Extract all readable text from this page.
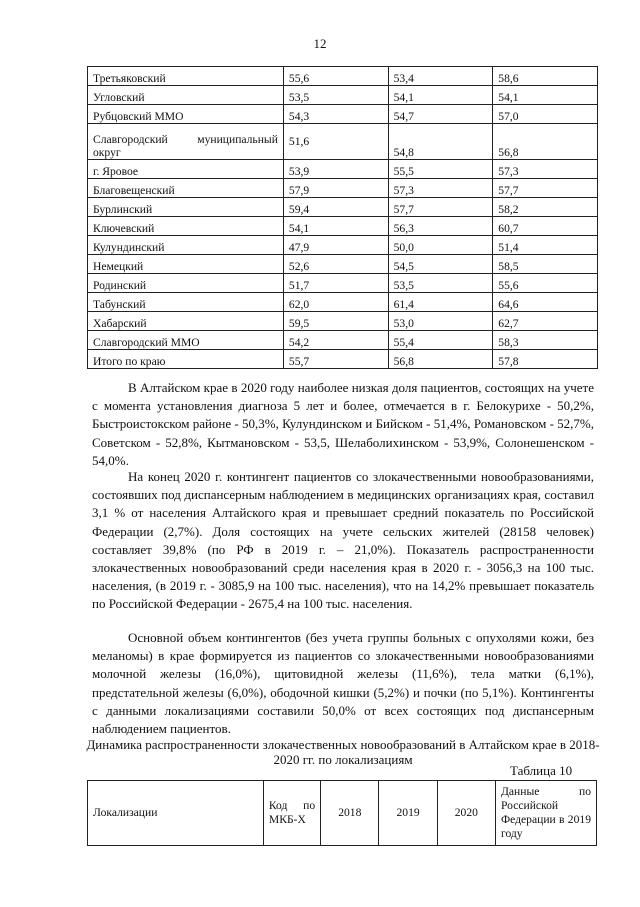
12
Третьяковский	55,6	53,4	58,6
Угловский	53,5	54,1	54,1
Рубцовский ММО	54,3	54,7	57,0

Славгородский муниципальный округ	51,6	54,8	56,8
г. Яровое	53,9	55,5	57,3
Благовещенский	57,9	57,3	57,7
Бурлинский	59,4	57,7	58,2
Ключевский	54,1	56,3	60,7
Кулундинский	47,9	50,0	51,4
Немецкий	52,6	54,5	58,5
Родинский	51,7	53,5	55,6
Табунский	62,0	61,4	64,6
Хабарский	59,5	53,0	62,7
Славгородский ММО	54,2	55,4	58,3
Итого по краю	55,7	56,8	57,8

В Алтайском крае в 2020 году наиболее низкая доля пациентов, состоящих на учете с момента установления диагноза 5 лет и более, отмечается в г. Белокурихе - 50,2%, Быстроистокском районе - 50,3%, Кулундинском и Бийском - 51,4%, Романовском - 52,7%, Советском - 52,8%, Кытмановском - 53,5, Шелаболихинском - 53,9%, Солонешенском - 54,0%.

На конец 2020 г. контингент пациентов со злокачественными новообразованиями, состоявших под диспансерным наблюдением в медицинских организациях края, составил 3,1 % от населения Алтайского края и превышает средний показатель по Российской Федерации (2,7%). Доля состоящих на учете сельских жителей (28158 человек) составляет 39,8% (по РФ в 2019 г. – 21,0%). Показатель распространенности злокачественных новообразований среди населения края в 2020 г. - 3056,3 на 100 тыс. населения, (в 2019 г. - 3085,9 на 100 тыс. населения), что на 14,2% превышает показатель по Российской Федерации - 2675,4 на 100 тыс. населения.

Основной объем контингентов (без учета группы больных с опухолями кожи, без меланомы) в крае формируется из пациентов со злокачественными новообразованиями молочной железы (16,0%), щитовидной железы (11,6%), тела матки (6,1%), предстательной железы (6,0%), ободочной кишки (5,2%) и почки (по 5,1%). Контингенты с данными локализациями составили 50,0% от всех состоящих под диспансерным наблюдением пациентов.

Динамика распространенности злокачественных новообразований в Алтайском крае в 2018-2020 гг. по локализациям

Таблица 10
Локализации	Код по МКБ-Х	2018	2019	2020	Данные по Российской Федерации в 2019 году
